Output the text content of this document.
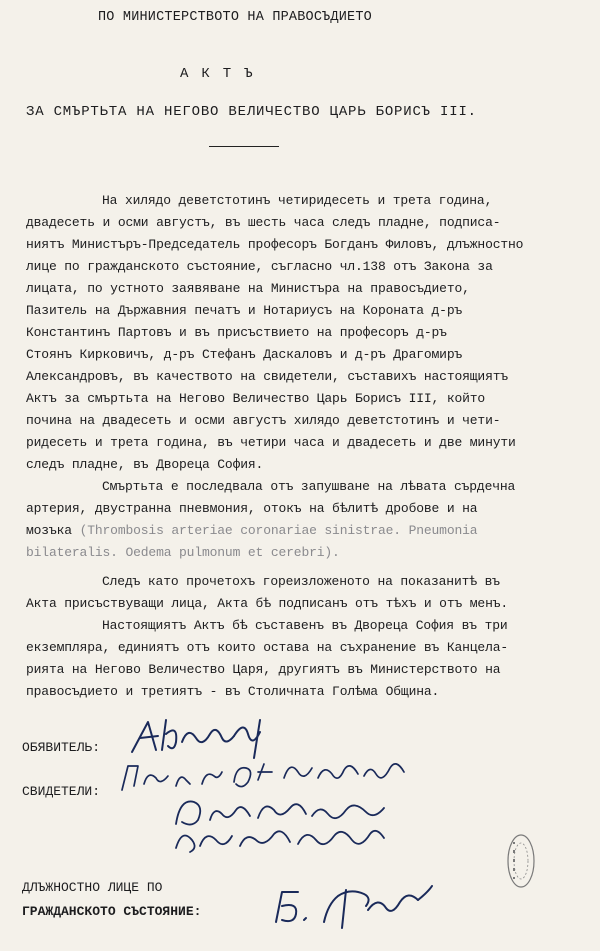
ПО МИНИСТЕРСТВОТО НА ПРАВОСЪДИЕТО
АКТЪ
ЗА СМЪРТЬТА НА НЕГОВО ВЕЛИЧЕСТВО ЦАРЬ БОРИСЪ III.
На хилядо деветстотинъ четиридесеть и трета година,
двадесеть и осми августъ, въ шесть часа следъ пладне, подписа-
ниятъ Министъръ-Председатель професоръ Богданъ Филовъ, длъжностно
лице по гражданското състояние, съгласно чл.138 отъ Закона за
лицата, по устното заявяване на Министъра на правосъдието,
Пазитель на Държавния печатъ и Нотариусъ на Короната д-ръ
Константинъ Партовъ и въ присъствието на професоръ д-ръ
Стоянъ Кирковичъ, д-ръ Стефанъ Даскаловъ и д-ръ Драгомиръ
Александровъ, въ качеството на свидетели, съставихъ настоящиятъ
Актъ за смъртьта на Негово Величество Царь Борисъ III, който
почина на двадесеть и осми августъ хилядо деветстотинъ и чети-
ридесеть и трета година, въ четири часа и двадесеть и две минути
следъ пладне, въ Двореца София.
Смъртьта е последвала отъ запушване на лѣвата сърдечна
артерия, двустранна пневмония, отокъ на бѣлитѣ дробове и на
мозъка (Thrombosis arteriae coronariae sinistrae. Pneumonia
bilateralis. Oedema pulmonum et cerebri).
Следъ като прочетохъ гореизложеното на показанитѣ въ
Акта присъствуващи лица, Акта бѣ подписанъ отъ тѣхъ и отъ менъ.
Настоящиятъ Актъ бѣ съставенъ въ Двореца София въ три
екземпляра, единиятъ отъ които остава на съхранение въ Канцела-
рията на Негово Величество Царя, другиятъ въ Министерството на
правосъдието и третиятъ - въ Столичната Голѣма Община.
ОБЯВИТЕЛЬ:
СВИДЕТЕЛИ:
ДЛЪЖНОСТНО ЛИЦЕ ПО
ГРАЖДАНСКОТО СЪСТОЯНИЕ:
